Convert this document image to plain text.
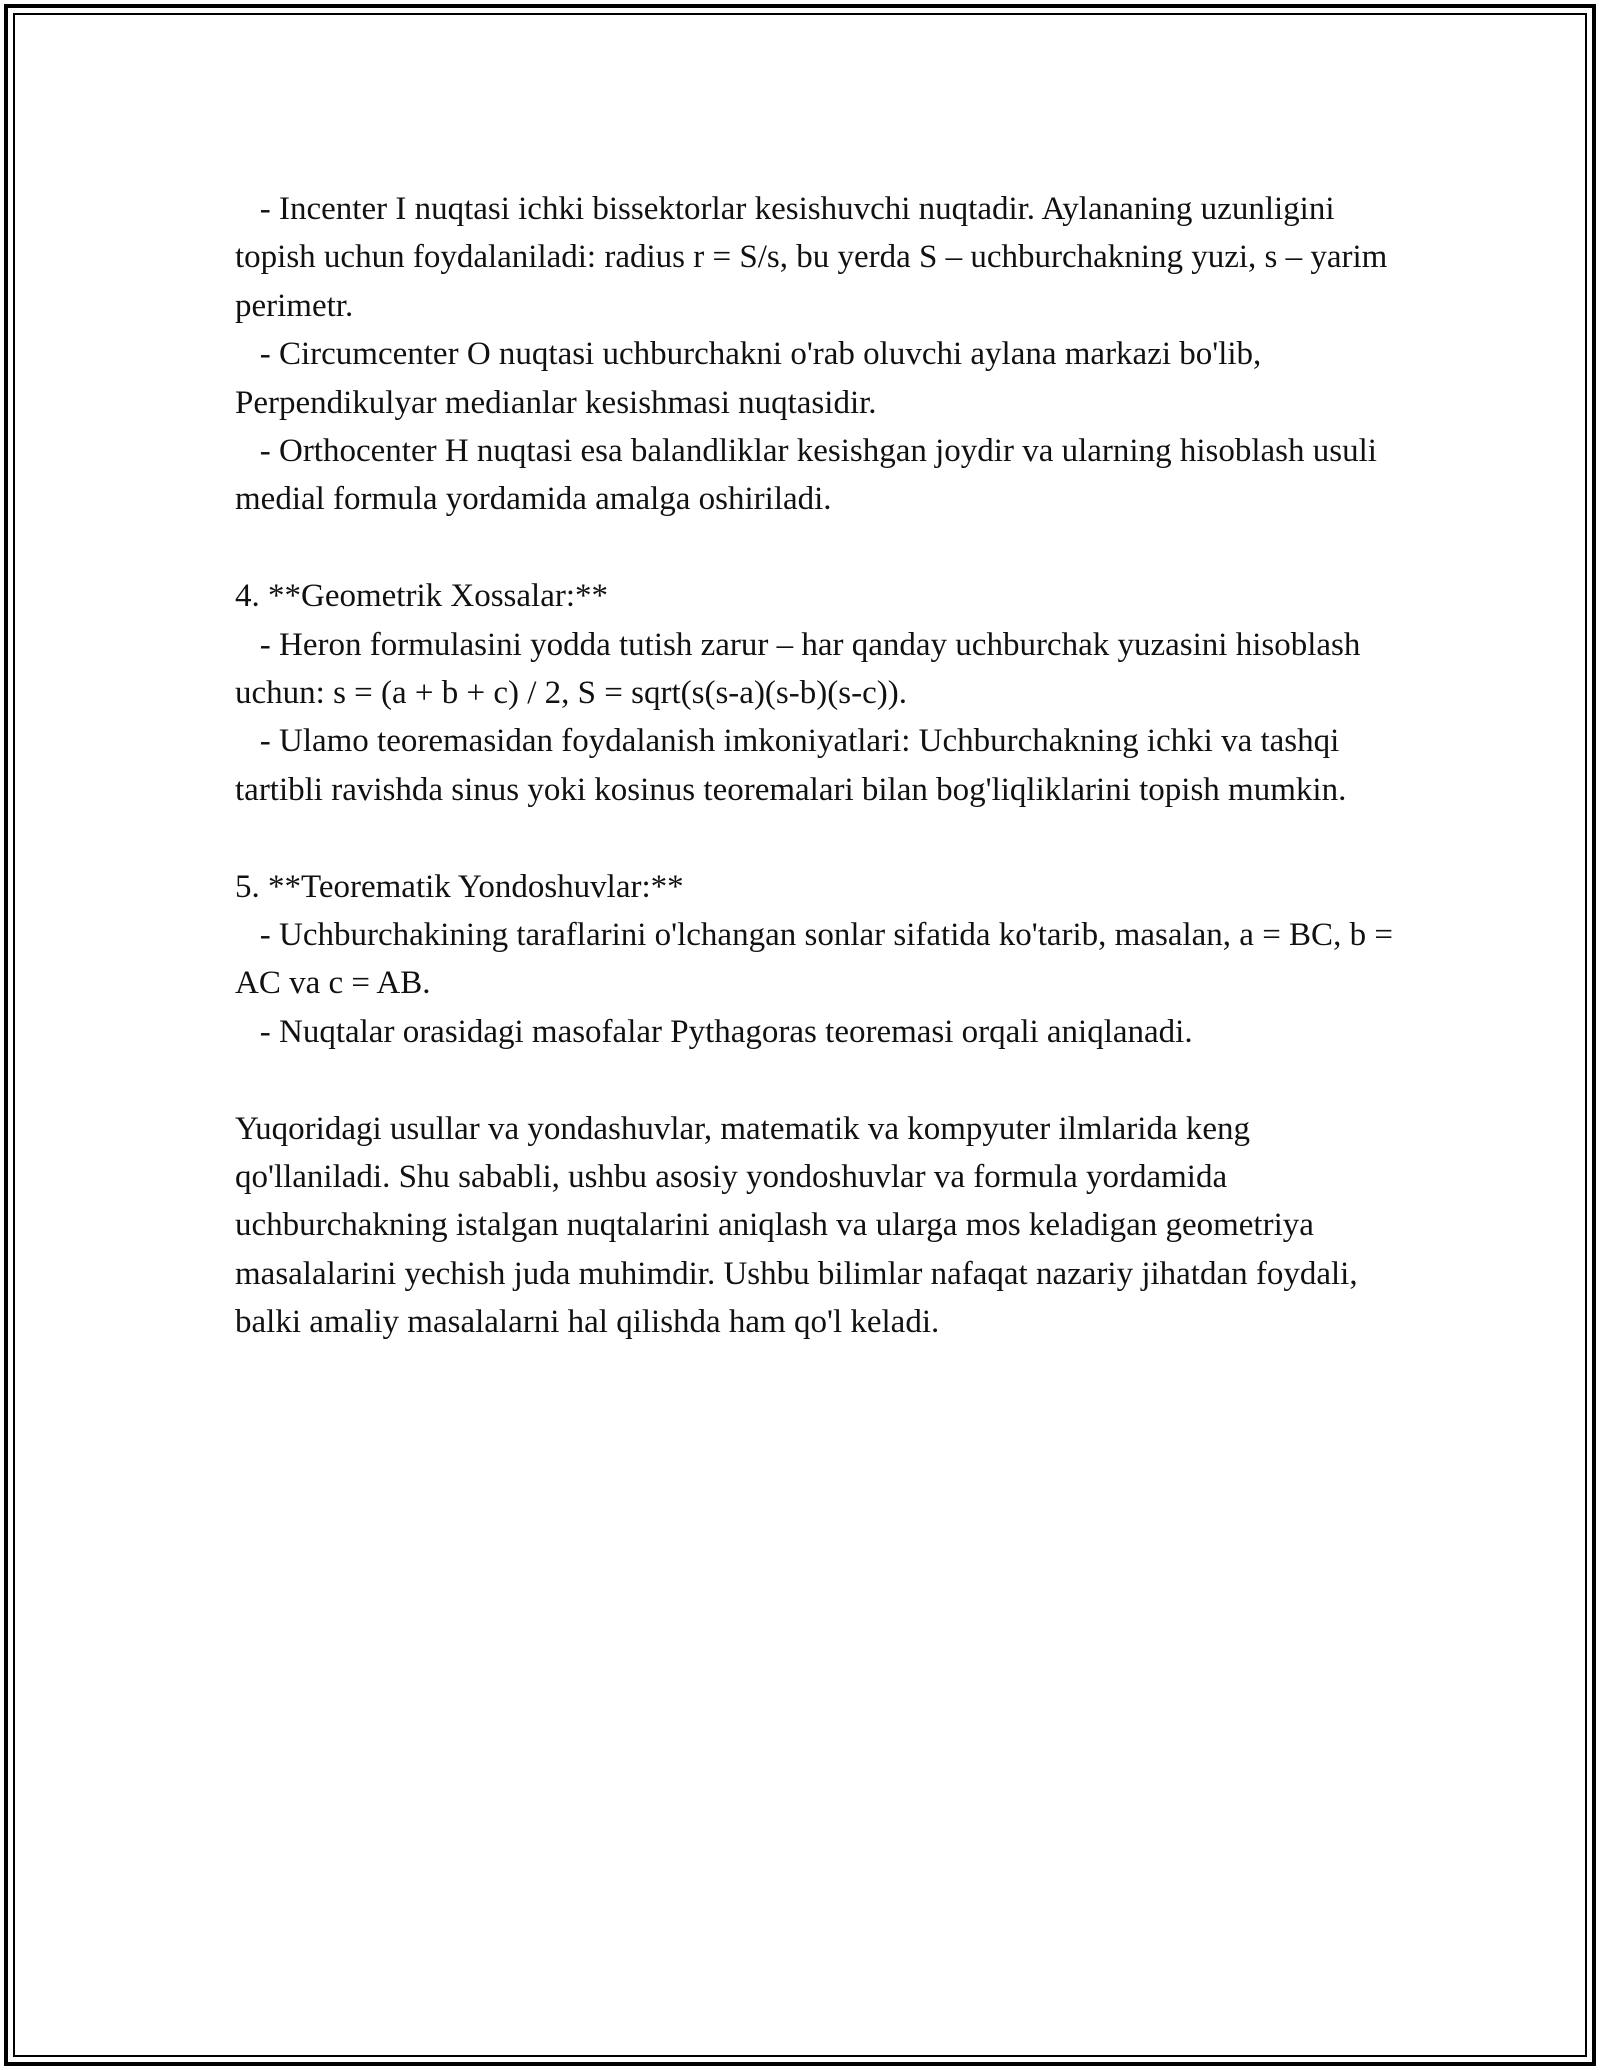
- Incenter I nuqtasi ichki bissektorlar kesishuvchi nuqtadir. Aylananing uzunligini topish uchun foydalaniladi: radius r = S/s, bu yerda S – uchburchakning yuzi, s – yarim perimetr.

- Circumcenter O nuqtasi uchburchakni o'rab oluvchi aylana markazi bo'lib, Perpendikulyar medianlar kesishmasi nuqtasidir.

- Orthocenter H nuqtasi esa balandliklar kesishgan joydir va ularning hisoblash usuli medial formula yordamida amalga oshiriladi.

4. **Geometrik Xossalar:**

- Heron formulasini yodda tutish zarur – har qanday uchburchak yuzasini hisoblash uchun: s = (a + b + c) / 2, S = sqrt(s(s-a)(s-b)(s-c)).

- Ulamo teoremasidan foydalanish imkoniyatlari: Uchburchakning ichki va tashqi tartibli ravishda sinus yoki kosinus teoremalari bilan bog'liqliklarini topish mumkin.

5. **Teorematik Yondoshuvlar:**

- Uchburchakining taraflarini o'lchangan sonlar sifatida ko'tarib, masalan, a = BC, b = AC va c = AB.

- Nuqtalar orasidagi masofalar Pythagoras teoremasi orqali aniqlanadi.

Yuqoridagi usullar va yondashuvlar, matematik va kompyuter ilmlarida keng qo'llaniladi. Shu sababli, ushbu asosiy yondoshuvlar va formula yordamida uchburchakning istalgan nuqtalarini aniqlash va ularga mos keladigan geometriya masalalarini yechish juda muhimdir. Ushbu bilimlar nafaqat nazariy jihatdan foydali, balki amaliy masalalarni hal qilishda ham qo'l keladi.
